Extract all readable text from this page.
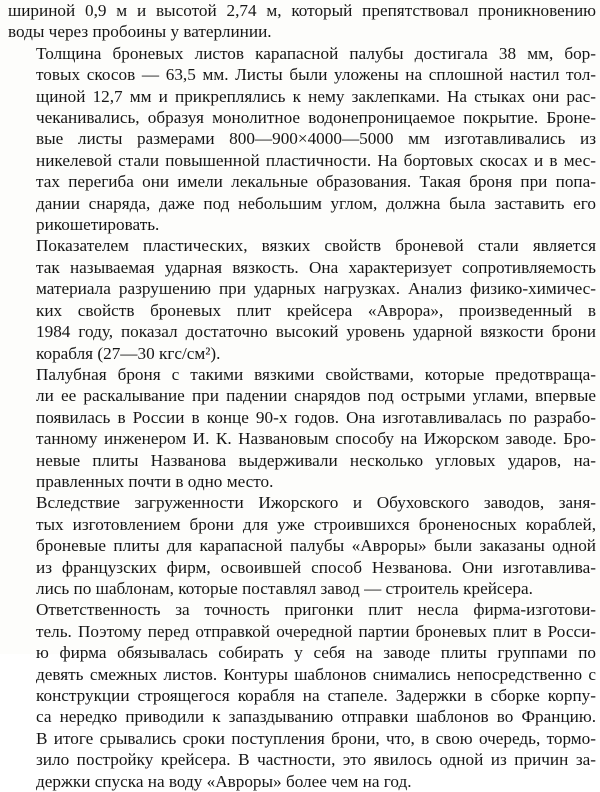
шириной 0,9 м и высотой 2,74 м, который препятствовал проникновению
воды через пробоины у ватерлинии.
Толщина броневых листов карапасной палубы достигала 38 мм, бор-
товых скосов — 63,5 мм. Листы были уложены на сплошной настил тол-
щиной 12,7 мм и прикреплялись к нему заклепками. На стыках они рас-
чеканивались, образуя монолитное водонепроницаемое покрытие. Броне-
вые листы размерами 800—900×4000—5000 мм изготавливались из
никелевой стали повышенной пластичности. На бортовых скосах и в мес-
тах перегиба они имели лекальные образования. Такая броня при попа-
дании снаряда, даже под небольшим углом, должна была заставить его
рикошетировать.
Показателем пластических, вязких свойств броневой стали является
так называемая ударная вязкость. Она характеризует сопротивляемость
материала разрушению при ударных нагрузках. Анализ физико-химичес-
ких свойств броневых плит крейсера «Аврора», произведенный в
1984 году, показал достаточно высокий уровень ударной вязкости брони
корабля (27—30 кгс/см²).
Палубная броня с такими вязкими свойствами, которые предотвраща-
ли ее раскалывание при падении снарядов под острыми углами, впервые
появилась в России в конце 90-х годов. Она изготавливалась по разрабо-
танному инженером И. К. Названовым способу на Ижорском заводе. Бро-
невые плиты Названова выдерживали несколько угловых ударов, на-
правленных почти в одно место.
Вследствие загруженности Ижорского и Обуховского заводов, заня-
тых изготовлением брони для уже строившихся броненосных кораблей,
броневые плиты для карапасной палубы «Авроры» были заказаны одной
из французских фирм, освоившей способ Незванова. Они изготавлива-
лись по шаблонам, которые поставлял завод — строитель крейсера.
Ответственность за точность пригонки плит несла фирма-изготови-
тель. Поэтому перед отправкой очередной партии броневых плит в Росси-
ю фирма обязывалась собирать у себя на заводе плиты группами по
девять смежных листов. Контуры шаблонов снимались непосредственно с
конструкции строящегося корабля на стапеле. Задержки в сборке корпу-
са нередко приводили к запаздыванию отправки шаблонов во Францию.
В итоге срывались сроки поступления брони, что, в свою очередь, тормо-
зило постройку крейсера. В частности, это явилось одной из причин за-
держки спуска на воду «Авроры» более чем на год.
